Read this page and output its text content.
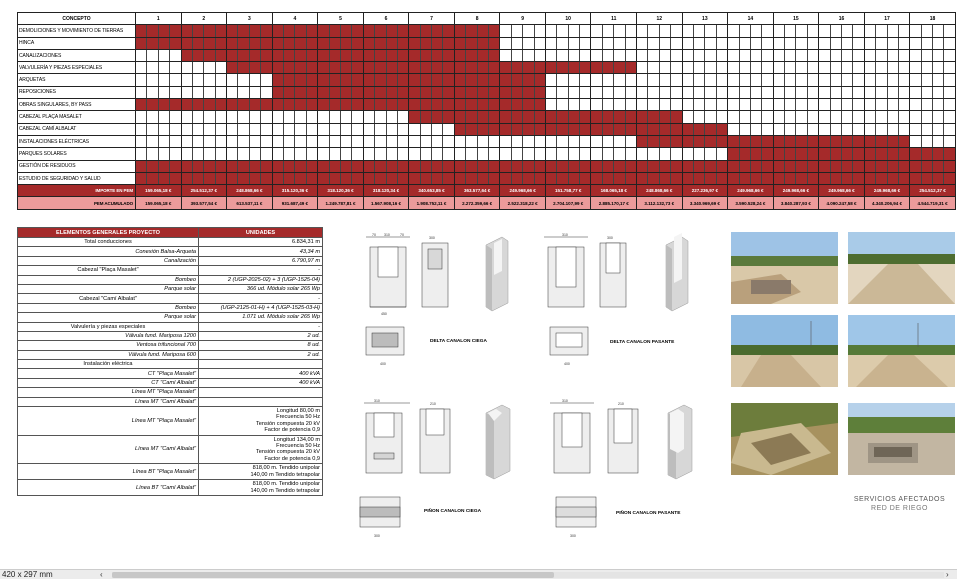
CONCEPTO	1	2	3	4	5	6	7	8	9	10	11	12	13	14	15	16	17	18
DEMOLICIONES Y MOVIMIENTO DE TIERRAS	

HINCA	

CANALIZACIONES	

VALVULERÍA Y PIEZAS ESPECIALES	

ARQUETAS	

REPOSICIONES	

OBRAS SINGULARES, BY PASS	

CABEZAL PLAÇA MASALET	

CABEZAL CAMÍ ALBALAT	

INSTALACIONES ELÉCTRICAS	

PARQUES SOLARES	

GESTIÓN DE RESIDUOS	

ESTUDIO DE SEGURIDAD Y SALUD	

IMPORTE EN PEM	159.065,18 €	254.512,37 €	248.868,66 €	315.120,36 €	318.120,36 €	318.120,34 €	340.653,85 €	363.577,64 €	249.968,66 €	151.758,77 €	168.065,18 €	248.868,66 €	227.236,97 €	249.968,66 €	249.968,66 €	249.968,66 €	249.968,66 €	254.512,37 €
PEM ACUMULADO	159.065,18 €	393.577,54 €	613.537,11 €	931.687,49 €	1.249.787,81 €	1.567.908,16 €	1.908.752,11 €	2.272.359,66 €	2.522.318,22 €	2.704.107,99 €	2.885.170,17 €	3.112.132,73 €	3.340.969,69 €	3.590.528,24 €	3.840.287,93 €	4.090.247,58 €	4.340.206,94 €	4.544.719,31 €
ELEMENTOS GENERALES PROYECTO	UNIDADES
Total conducciones	6.834,31 m
Conexión Balsa-Arqueta	43,34 m
Canalización	6.790,97 m
Cabezal "Plaça Masalet"	-
Bombeo	2 (UGP-2025-02) + 3 (UGP-1525-04)
Parque solar	366 ud. Módulo solar 265 Wp
Cabezal "Camí Albalat"	-
Bombeo	(UGP-2125-01-H) + 4 (UGP-1525-03-H)
Parque solar	1.071 ud. Módulo solar 265 Wp
Valvulería y piezas especiales	-
Válvula fund. Mariposa 1200	2 ud.
Ventosa trifuncional 700	8 ud.
Válvula fund. Mariposa 600	2 ud.
Instalación eléctrica	
CT "Plaça Masalet"	400 kVA
CT "Camí Albalat"	400 kVA
Línea MT "Plaça Masalet"	
Línea MT "Camí Albalat"	
Línea MT "Plaça Masalet"	Longitud 80,00 m
Frecuencia 50 Hz
Tensión compuesta 20 kV
Factor de potencia 0,9
Línea MT "Camí Albalat"	Longitud 134,00 m
Frecuencia 50 Hz
Tensión compuesta 20 kV
Factor de potencia 0,9
Línea BT "Plaça Masalet"	818,00 m. Tendido unipolar
140,00 m Tendido tetrapolar
Línea BT "Camí Albalat"	818,00 m. Tendido unipolar
140,00 m Tendido tetrapolar
70 310	70
450
300
400
DELTA CANALON CIEGA
310
300
400
DELTA CANALON PASANTE
310
210
300
PIÑON CANALON CIEGA
310
210
300
PIÑON CANALON PASANTE
SERVICIOS AFECTADOS
RED DE RIEGO
420 x 297 mm	‹	›
